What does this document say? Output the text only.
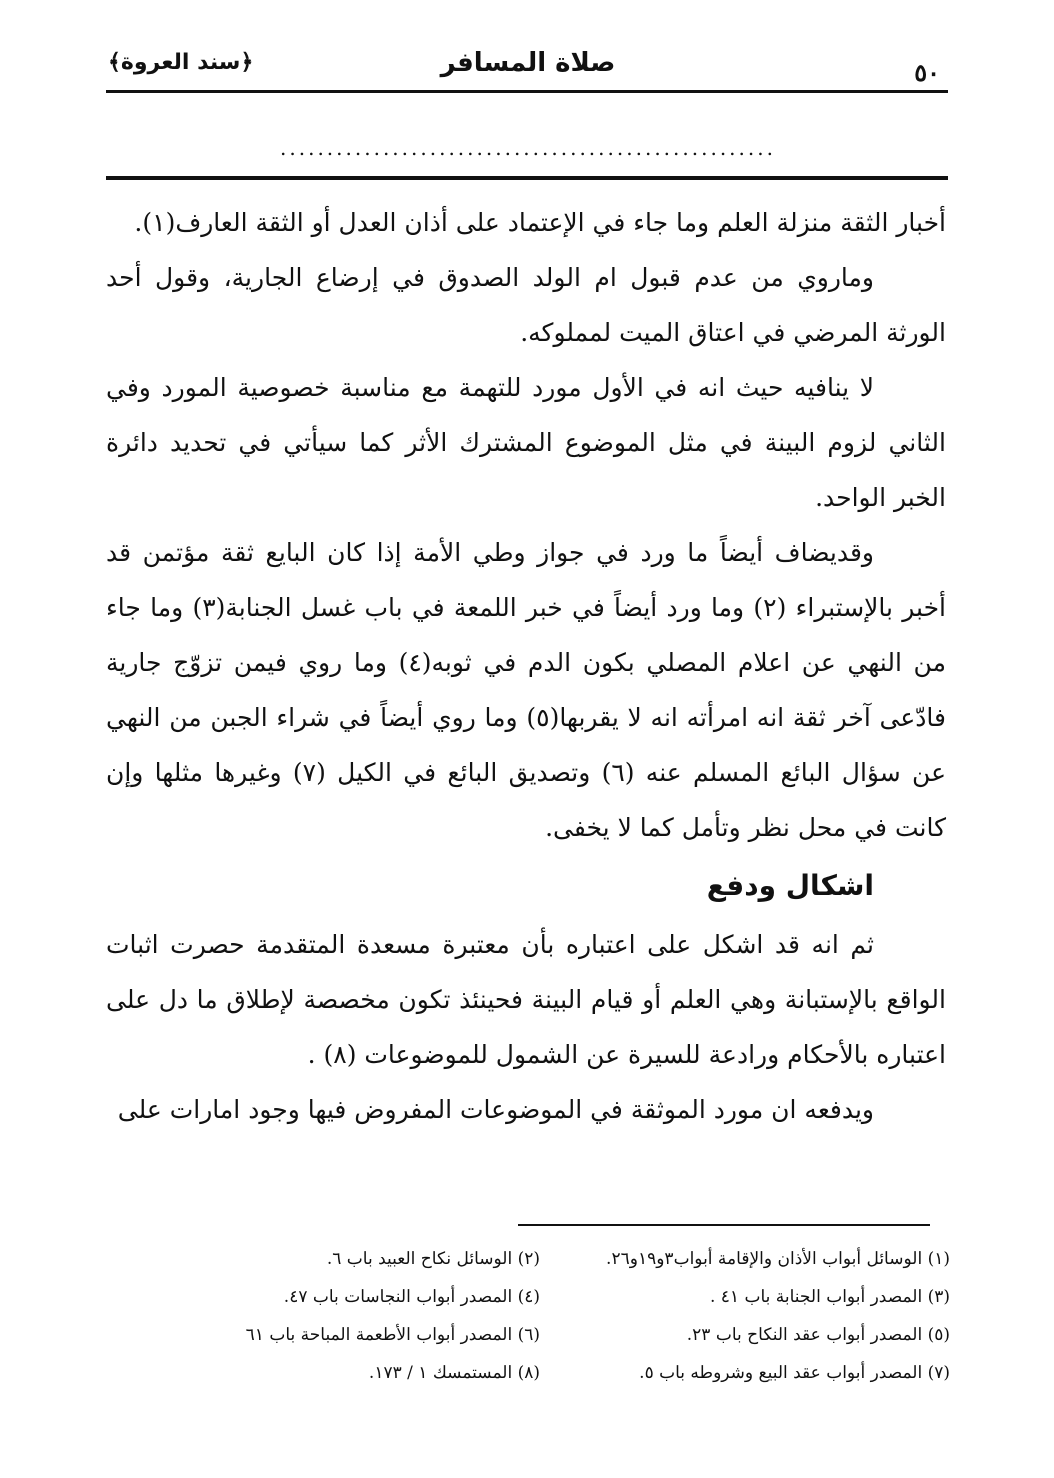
٥٠
صلاة المسافر
﴿سند العروة﴾
.....................................................

أخبار الثقة منزلة العلم وما جاء في الإعتماد على أذان العدل أو الثقة العارف(١).

وماروي من عدم قبول ام الولد الصدوق في إرضاع الجارية، وقول أحد الورثة المرضي في اعتاق الميت لمملوكه.

لا ينافيه حيث انه في الأول مورد للتهمة مع مناسبة خصوصية المورد وفي الثاني لزوم البينة في مثل الموضوع المشترك الأثر كما سيأتي في تحديد دائرة الخبر الواحد.

وقديضاف أيضاً ما ورد في جواز وطي الأمة إذا كان البايع ثقة مؤتمن قد أخبر بالإستبراء (٢) وما ورد أيضاً في خبر اللمعة في باب غسل الجنابة(٣) وما جاء من النهي عن اعلام المصلي بكون الدم في ثوبه(٤) وما روي فيمن تزوّج جارية فادّعى آخر ثقة انه امرأته انه لا يقربها(٥) وما روي أيضاً في شراء الجبن من النهي عن سؤال البائع المسلم عنه (٦) وتصديق البائع في الكيل (٧) وغيرها مثلها وإن كانت في محل نظر وتأمل كما لا يخفى.

اشكال ودفع

ثم انه قد اشكل على اعتباره بأن معتبرة مسعدة المتقدمة حصرت اثبات الواقع بالإستبانة وهي العلم أو قيام البينة فحينئذ تكون مخصصة لإطلاق ما دل على اعتباره بالأحكام ورادعة للسيرة عن الشمول للموضوعات (٨) .

ويدفعه ان مورد الموثقة في الموضوعات المفروض فيها وجود امارات على

(١) الوسائل أبواب الأذان والإقامة أبواب٣و١٩و٢٦.
(٢) الوسائل نكاح العبيد باب ٦.
(٣) المصدر أبواب الجنابة باب ٤١ .
(٤) المصدر أبواب النجاسات باب ٤٧.
(٥) المصدر أبواب عقد النكاح باب ٢٣.
(٦) المصدر أبواب الأطعمة المباحة باب ٦١
(٧) المصدر أبواب عقد البيع وشروطه باب ٥.
(٨) المستمسك ١ / ١٧٣.
